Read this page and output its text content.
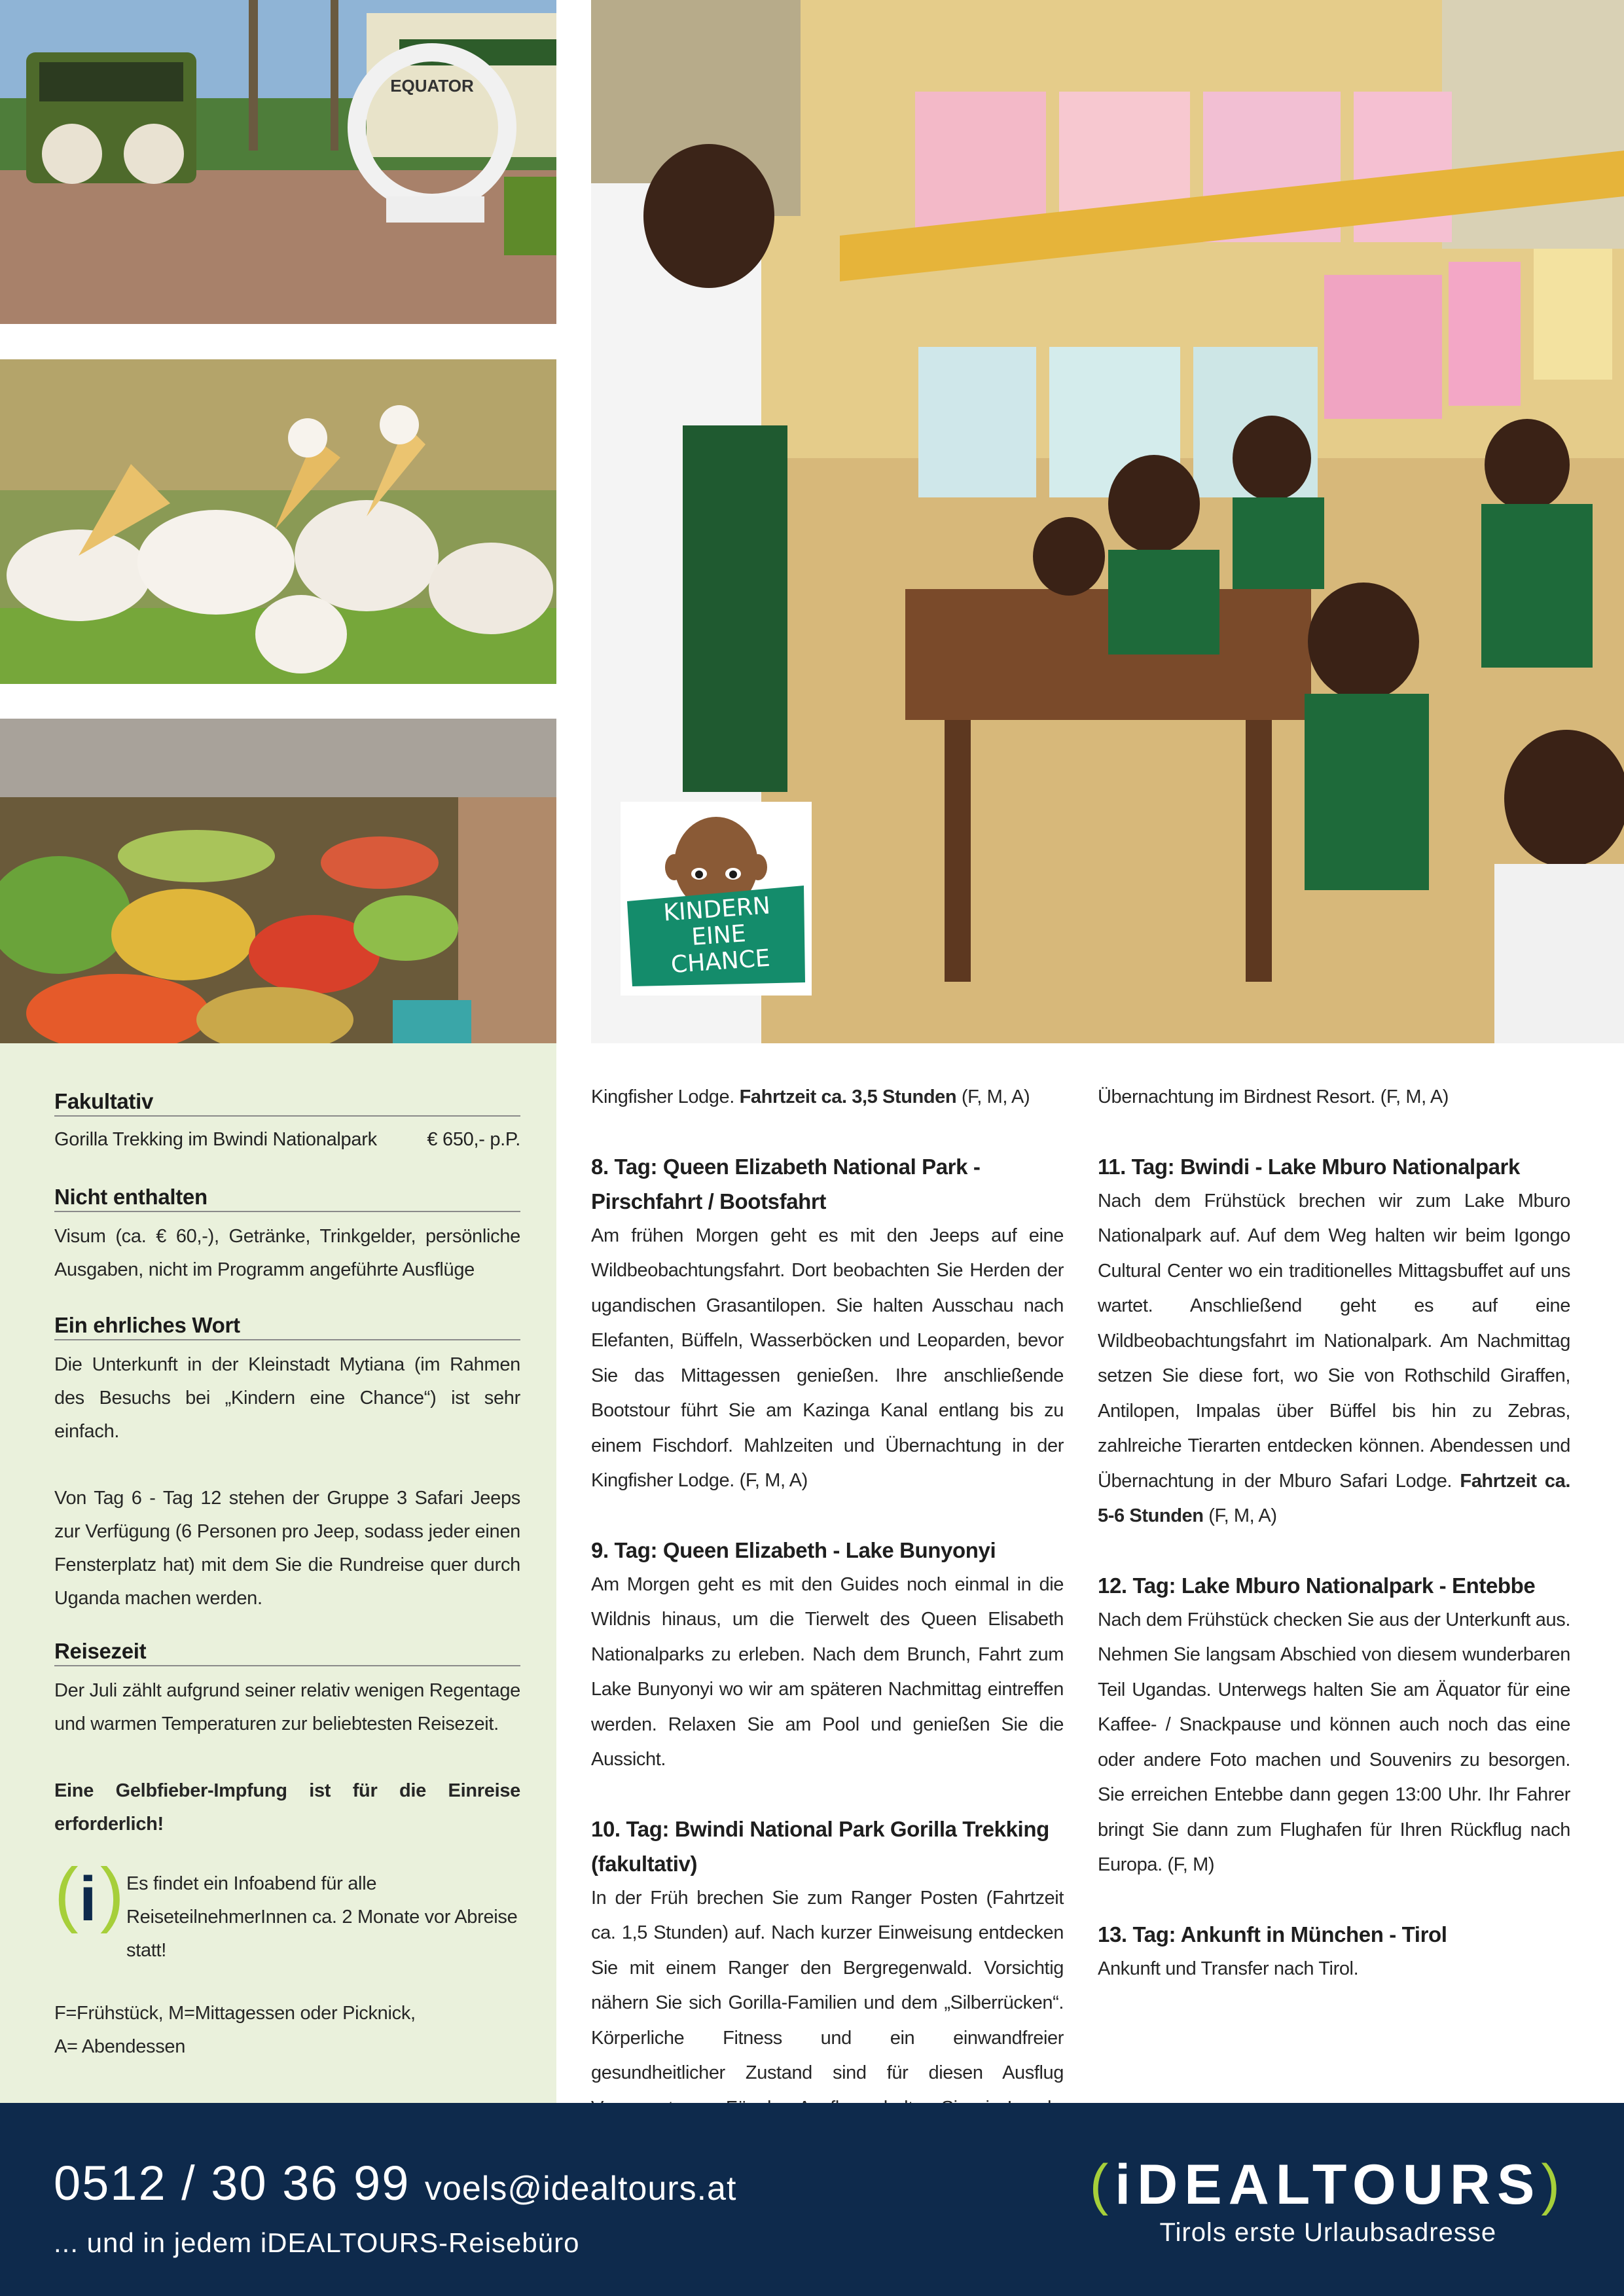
EQUATOR
KINDERN
EINE
CHANCE
Fakultativ
Gorilla Trekking im Bwindi Nationalpark	€ 650,- p.P.
Nicht enthalten

Visum (ca. € 60,-), Getränke, Trinkgelder, persönliche Ausgaben, nicht im Programm angeführte Ausflüge

Ein ehrliches Wort

Die Unterkunft in der Kleinstadt Mytiana (im Rahmen des Besuchs bei „Kindern eine Chance“) ist sehr einfach.

Von Tag 6 - Tag 12 stehen der Gruppe 3 Safari Jeeps zur Verfügung (6 Personen pro Jeep, sodass jeder einen Fensterplatz hat) mit dem Sie die Rundreise quer durch Uganda machen werden.

Reisezeit

Der Juli zählt aufgrund seiner relativ wenigen Regentage und warmen Temperaturen zur beliebtesten Reisezeit.

Eine Gelbfieber-Impfung ist für die Einreise erforderlich!

( i ) Es findet ein Infoabend für alle ReiseteilnehmerInnen ca. 2 Monate vor Abreise statt!

F=Frühstück, M=Mittagessen oder Picknick,

A= Abendessen

Kingfisher Lodge. Fahrtzeit ca. 3,5 Stunden (F, M, A)

8. Tag: Queen Elizabeth National Park - Pirschfahrt / Bootsfahrt

Am frühen Morgen geht es mit den Jeeps auf eine Wildbeobachtungsfahrt. Dort beobachten Sie Herden der ugandischen Grasantilopen. Sie halten Ausschau nach Elefanten, Büffeln, Wasserböcken und Leoparden, bevor Sie das Mittagessen genießen. Ihre anschließende Bootstour führt Sie am Kazinga Kanal entlang bis zu einem Fischdorf. Mahlzeiten und Übernachtung in der Kingfisher Lodge. (F, M, A)

9. Tag: Queen Elizabeth - Lake Bunyonyi

Am Morgen geht es mit den Guides noch einmal in die Wildnis hinaus, um die Tierwelt des Queen Elisabeth Nationalparks zu erleben. Nach dem Brunch, Fahrt zum Lake Bunyonyi wo wir am späteren Nachmittag eintreffen werden. Relaxen Sie am Pool und genießen Sie die Aussicht.

10. Tag: Bwindi National Park Gorilla Trekking (fakultativ)

In der Früh brechen Sie zum Ranger Posten (Fahrtzeit ca. 1,5 Stunden) auf. Nach kurzer Einweisung entdecken Sie mit einem Ranger den Bergregenwald. Vorsichtig nähern Sie sich Gorilla-Familien und dem „Silberrücken“. Körperliche Fitness und ein einwandfreier gesundheitlicher Zustand sind für diesen Ausflug

Übernachtung im Birdnest Resort. (F, M, A)

11. Tag: Bwindi - Lake Mburo Nationalpark

Nach dem Frühstück brechen wir zum Lake Mburo Nationalpark auf. Auf dem Weg halten wir beim Igongo Cultural Center wo ein traditionelles Mittagsbuffet auf uns wartet. Anschließend geht es auf eine Wildbeobachtungsfahrt im Nationalpark. Am Nachmittag setzen Sie diese fort, wo Sie von Rothschild Giraffen, Antilopen, Impalas über Büffel bis hin zu Zebras, zahlreiche Tierarten entdecken können. Abendessen und Übernachtung in der Mburo Safari Lodge. Fahrtzeit ca. 5-6 Stunden (F, M, A)

12. Tag: Lake Mburo Nationalpark - Entebbe

Nach dem Frühstück checken Sie aus der Unterkunft aus. Nehmen Sie langsam Abschied von diesem wunderbaren Teil Ugandas. Unterwegs halten Sie am Äquator für eine Kaffee- / Snackpause und können auch noch das eine oder andere Foto machen und Souvenirs zu besorgen. Sie erreichen Entebbe dann gegen 13:00 Uhr. Ihr Fahrer bringt Sie dann zum Flughafen für Ihren Rückflug nach Europa. (F, M)

13. Tag: Ankunft in München - Tirol

Ankunft und Transfer nach Tirol.

0512 / 30 36 99 voels@idealtours.at
... und in jedem iDEALTOURS-Reisebüro
(iDEALTOURS)
Tirols erste Urlaubsadresse
